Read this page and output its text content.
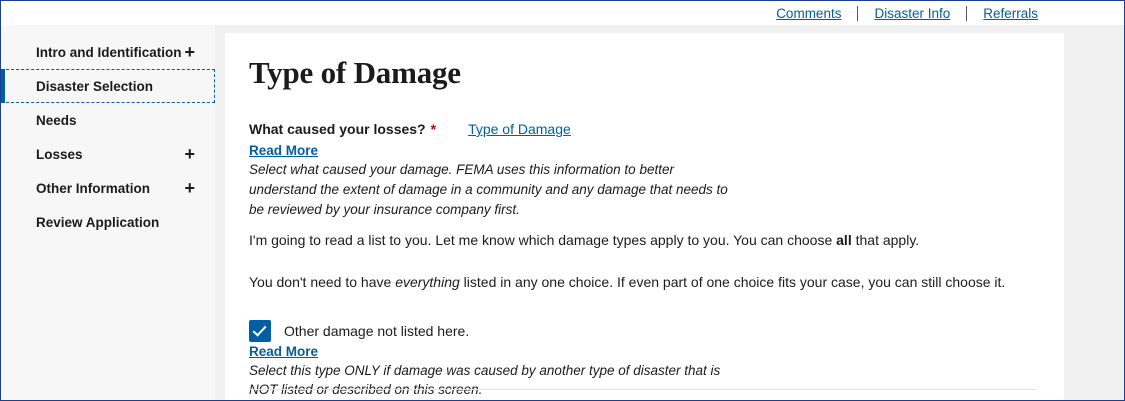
Comments	Disaster Info	Referrals
Intro and Identification +
Disaster Selection
Needs
Losses	+
Other Information +
Review Application
Type of Damage
What caused your losses? * Type of Damage
Read More
Select what caused your damage. FEMA uses this information to better
understand the extent of damage in a community and any damage that needs to
be reviewed by your insurance company first.

I'm going to read a list to you. Let me know which damage types apply to you. You can choose all that apply.

You don't need to have everything listed in any one choice. If even part of one choice fits your case, you can still choose it.

Other damage not listed here.
Read More
Select this type ONLY if damage was caused by another type of disaster that is
